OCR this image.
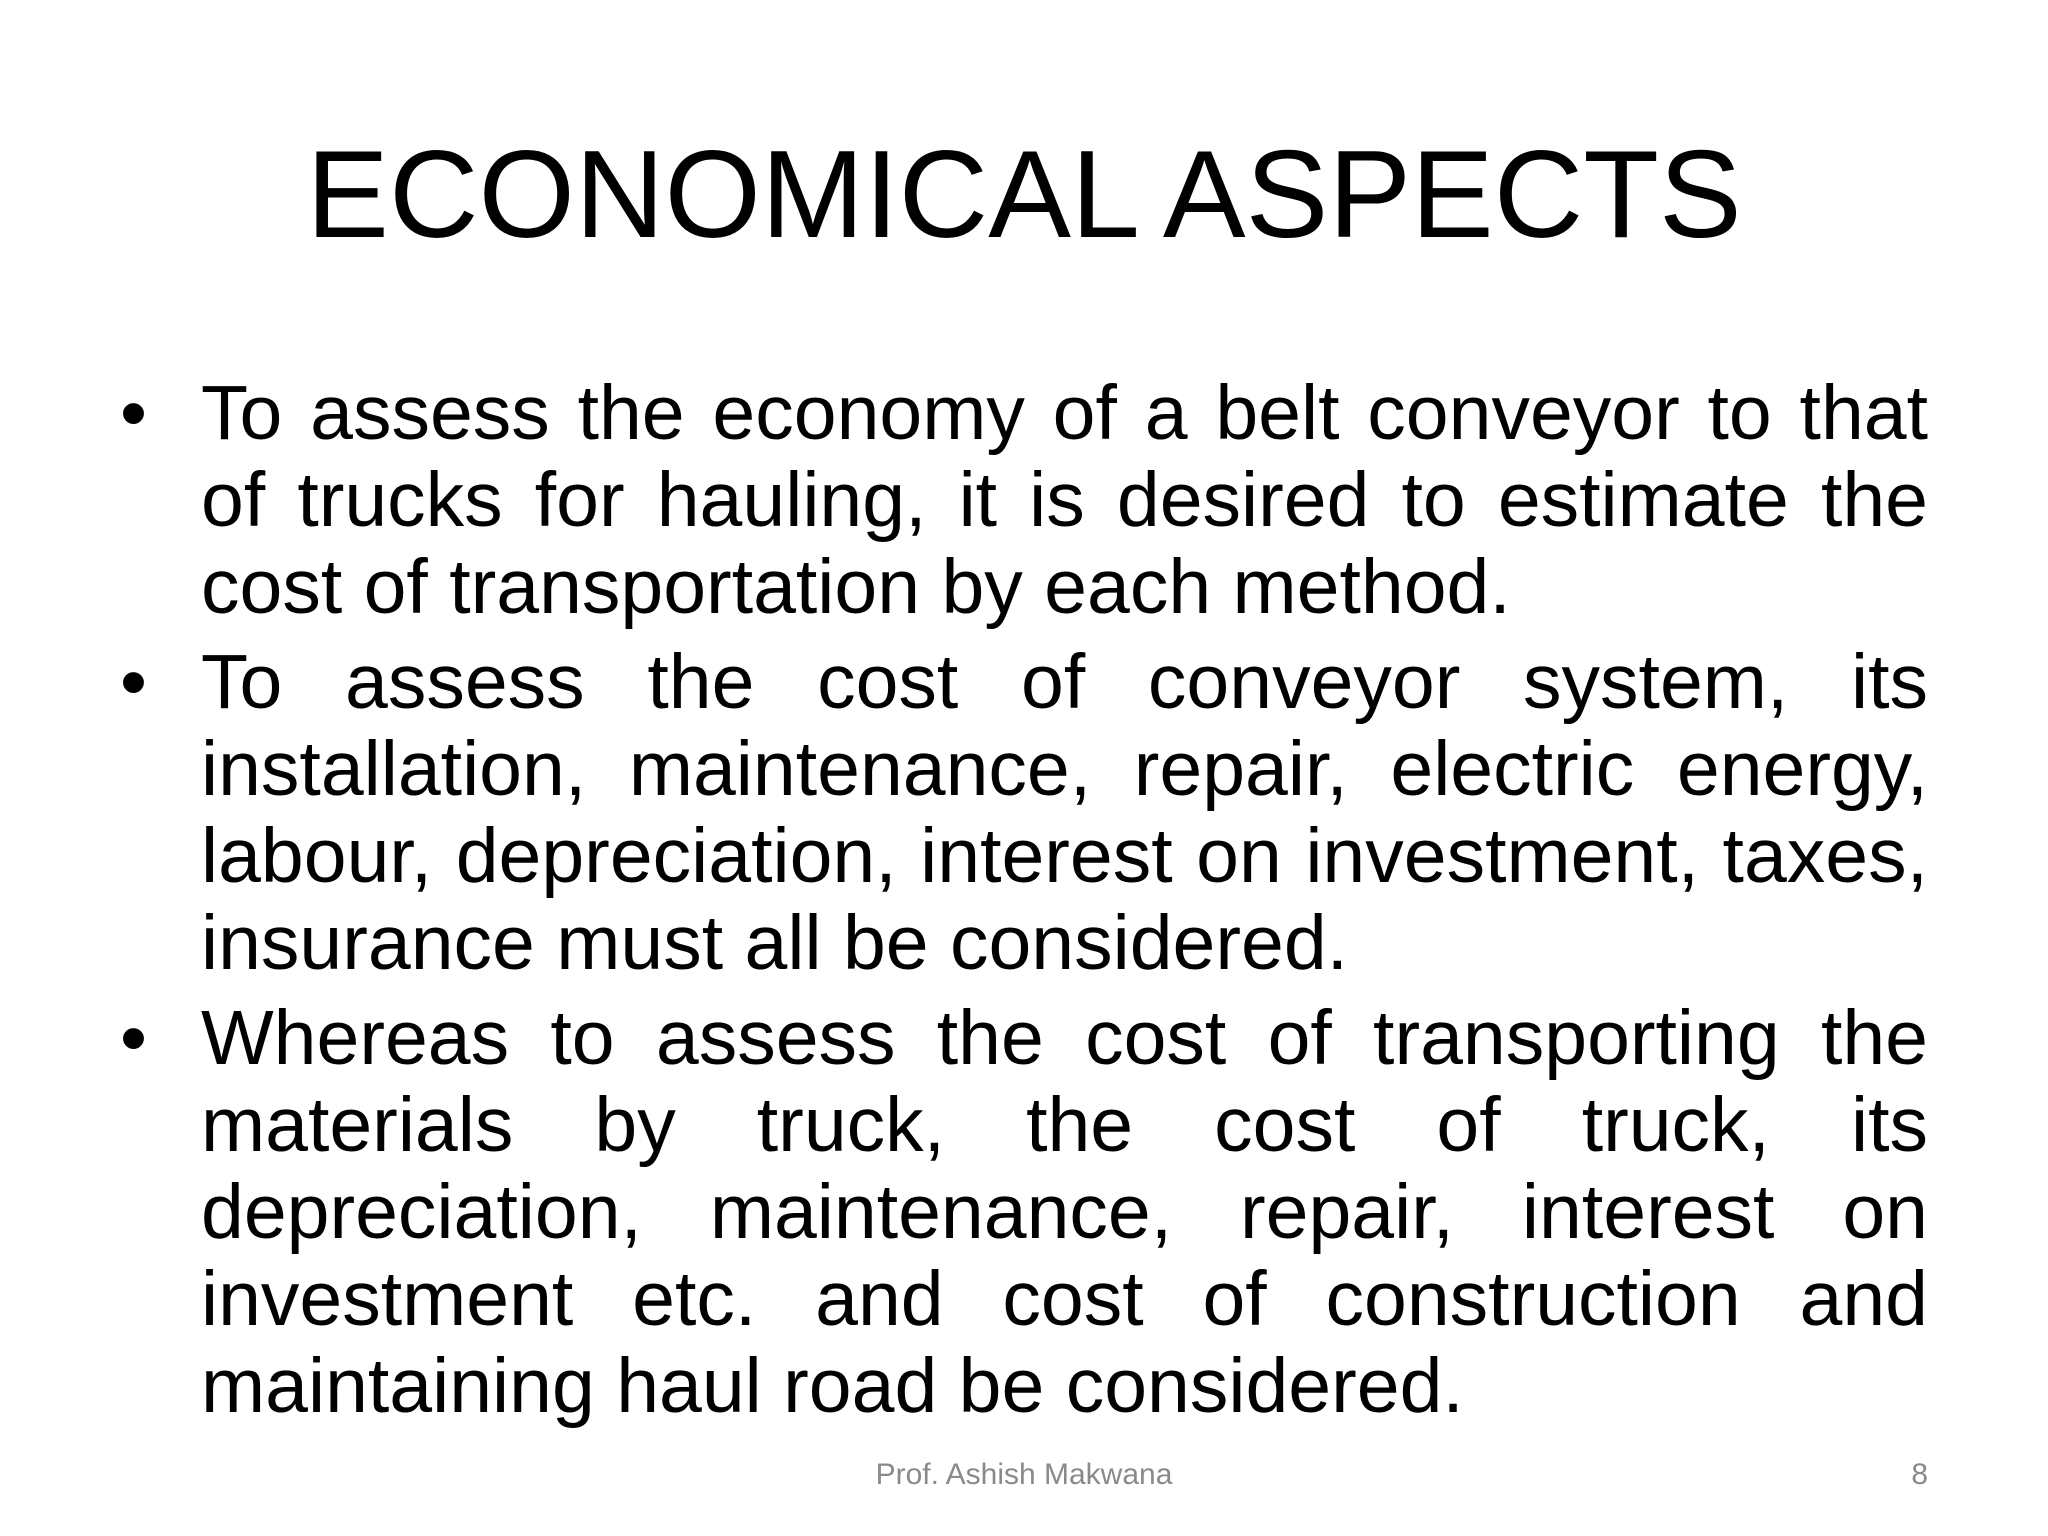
ECONOMICAL ASPECTS
• To assess the economy of a belt conveyor to that of trucks for hauling, it is desired to estimate the cost of transportation by each method.
• To assess the cost of conveyor system, its installation, maintenance, repair, electric energy, labour, depreciation, interest on investment, taxes, insurance must all be considered.
• Whereas to assess the cost of transporting the materials by truck, the cost of truck, its depreciation, maintenance, repair, interest on investment etc. and cost of construction and maintaining haul road be considered.
Prof. Ashish Makwana	8
